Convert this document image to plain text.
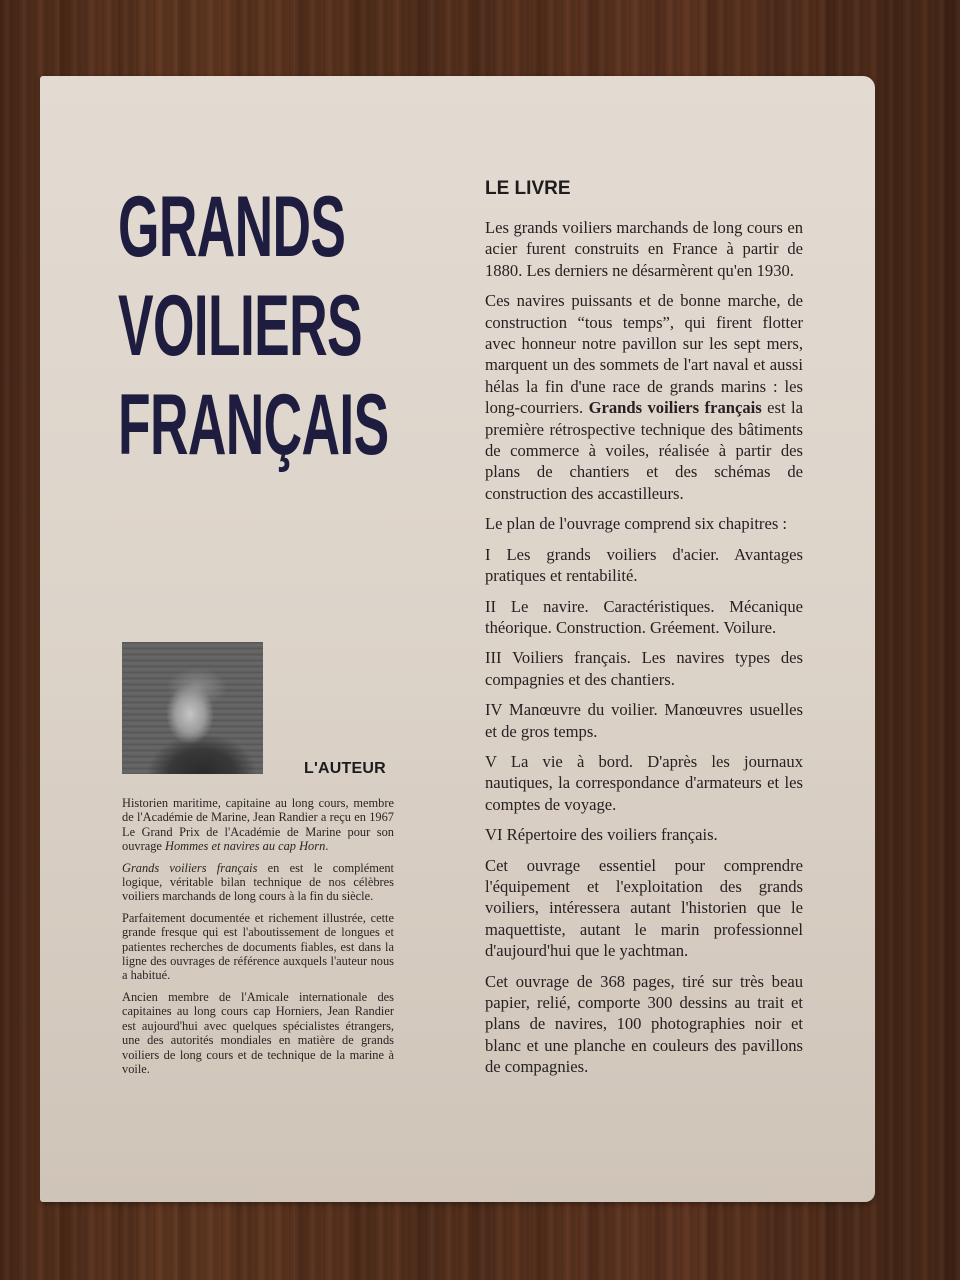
GRANDS
VOILIERS
FRANÇAIS
L'AUTEUR

Historien maritime, capitaine au long cours, membre de l'Académie de Marine, Jean Randier a reçu en 1967 Le Grand Prix de l'Académie de Marine pour son ouvrage Hommes et navires au cap Horn.

Grands voiliers français en est le complément logique, véritable bilan technique de nos célèbres voiliers marchands de long cours à la fin du siècle.

Parfaitement documentée et richement illustrée, cette grande fresque qui est l'aboutissement de longues et patientes recherches de documents fiables, est dans la ligne des ouvrages de référence auxquels l'auteur nous a habitué.

Ancien membre de l'Amicale internationale des capitaines au long cours cap Horniers, Jean Randier est aujourd'hui avec quelques spécialistes étrangers, une des autorités mondiales en matière de grands voiliers de long cours et de technique de la marine à voile.

LE LIVRE

Les grands voiliers marchands de long cours en acier furent construits en France à partir de 1880. Les derniers ne désarmèrent qu'en 1930.

Ces navires puissants et de bonne marche, de construction “tous temps”, qui firent flotter avec honneur notre pavillon sur les sept mers, marquent un des sommets de l'art naval et aussi hélas la fin d'une race de grands marins : les long-courriers. Grands voiliers français est la première rétrospective technique des bâtiments de commerce à voiles, réalisée à partir des plans de chantiers et des schémas de construction des accastilleurs.

Le plan de l'ouvrage comprend six chapitres :

I Les grands voiliers d'acier. Avantages pratiques et rentabilité.
II Le navire. Caractéristiques. Mécanique théorique. Construction. Gréement. Voilure.
III Voiliers français. Les navires types des compagnies et des chantiers.
IV Manœuvre du voilier. Manœuvres usuelles et de gros temps.
V La vie à bord. D'après les journaux nautiques, la correspondance d'armateurs et les comptes de voyage.
VI Répertoire des voiliers français.

Cet ouvrage essentiel pour comprendre l'équipement et l'exploitation des grands voiliers, intéressera autant l'historien que le maquettiste, autant le marin professionnel d'aujourd'hui que le yachtman.

Cet ouvrage de 368 pages, tiré sur très beau papier, relié, comporte 300 dessins au trait et plans de navires, 100 photographies noir et blanc et une planche en couleurs des pavillons de compagnies.
